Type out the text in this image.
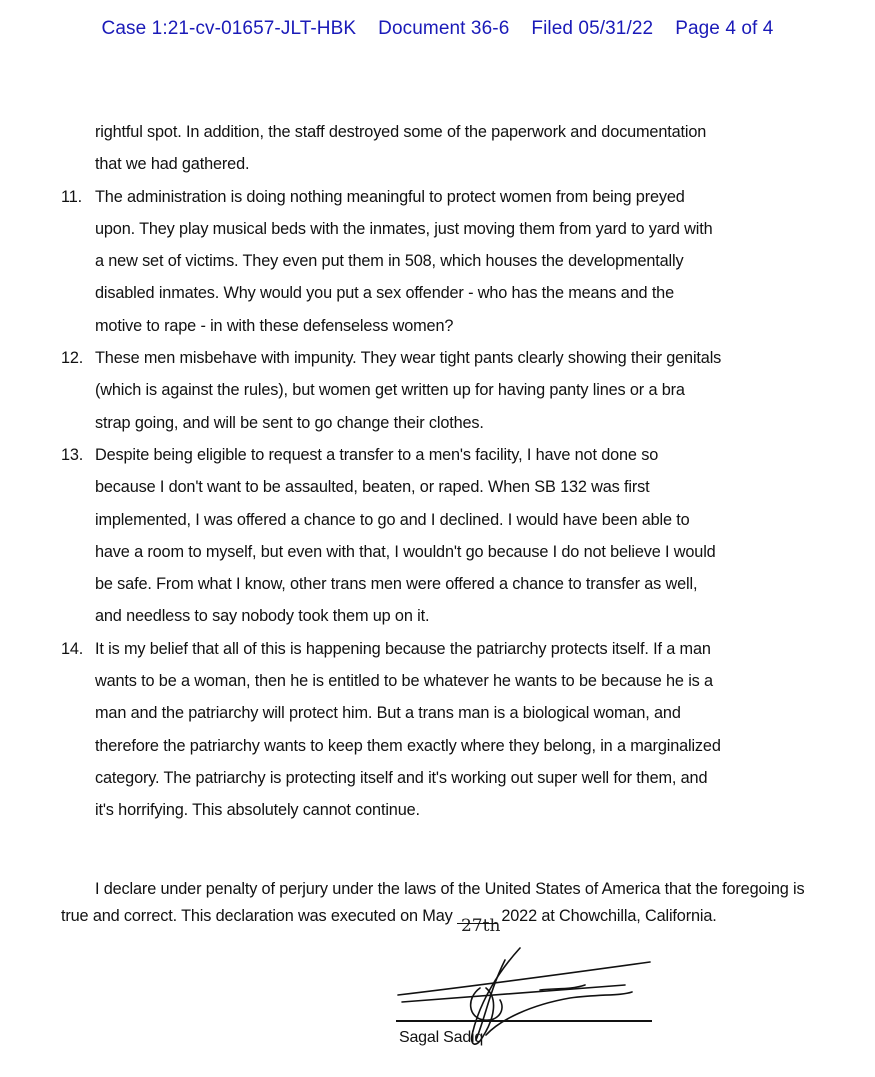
Case 1:21-cv-01657-JLT-HBK Document 36-6 Filed 05/31/22 Page 4 of 4
rightful spot. In addition, the staff destroyed some of the paperwork and documentation
that we had gathered.
11. The administration is doing nothing meaningful to protect women from being preyed
upon. They play musical beds with the inmates, just moving them from yard to yard with
a new set of victims. They even put them in 508, which houses the developmentally
disabled inmates. Why would you put a sex offender - who has the means and the
motive to rape - in with these defenseless women?
12. These men misbehave with impunity. They wear tight pants clearly showing their genitals
(which is against the rules), but women get written up for having panty lines or a bra
strap going, and will be sent to go change their clothes.
13. Despite being eligible to request a transfer to a men's facility, I have not done so
because I don't want to be assaulted, beaten, or raped. When SB 132 was first
implemented, I was offered a chance to go and I declined. I would have been able to
have a room to myself, but even with that, I wouldn't go because I do not believe I would
be safe. From what I know, other trans men were offered a chance to transfer as well,
and needless to say nobody took them up on it.
14. It is my belief that all of this is happening because the patriarchy protects itself. If a man
wants to be a woman, then he is entitled to be whatever he wants to be because he is a
man and the patriarchy will protect him. But a trans man is a biological woman, and
therefore the patriarchy wants to keep them exactly where they belong, in a marginalized
category. The patriarchy is protecting itself and it's working out super well for them, and
it's horrifying. This absolutely cannot continue.
I declare under penalty of perjury under the laws of the United States of America that the foregoing is true and correct. This declaration was executed on May 27th 2022 at Chowchilla, California.
Sagal Sadiq
